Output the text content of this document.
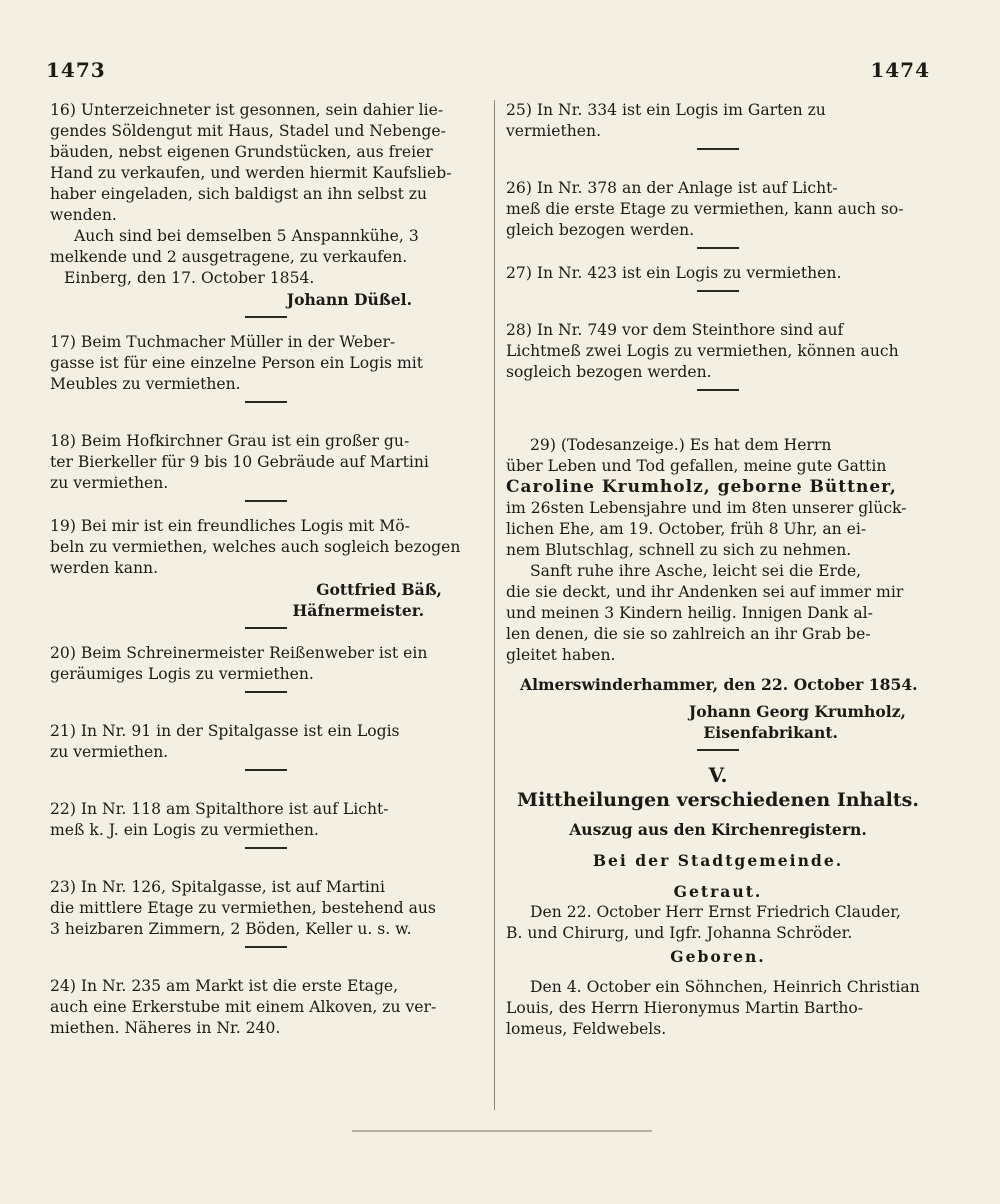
1473	1474
16) Unterzeichneter ist gesonnen, sein dahier lie-
gendes Söldengut mit Haus, Stadel und Nebenge-
bäuden, nebst eigenen Grundstücken, aus freier
Hand zu verkaufen, und werden hiermit Kaufslieb-
haber eingeladen, sich baldigst an ihn selbst zu
wenden.
Auch sind bei demselben 5 Anspannkühe, 3
melkende und 2 ausgetragene, zu verkaufen.
Einberg, den 17. October 1854.
Johann Düßel.
17) Beim Tuchmacher Müller in der Weber-
gasse ist für eine einzelne Person ein Logis mit
Meubles zu vermiethen.
18) Beim Hofkirchner Grau ist ein großer gu-
ter Bierkeller für 9 bis 10 Gebräude auf Martini
zu vermiethen.
19) Bei mir ist ein freundliches Logis mit Mö-
beln zu vermiethen, welches auch sogleich bezogen
werden kann.
Gottfried Bäß,
Häfnermeister.
20) Beim Schreinermeister Reißenweber ist ein
geräumiges Logis zu vermiethen.
21) In Nr. 91 in der Spitalgasse ist ein Logis
zu vermiethen.
22) In Nr. 118 am Spitalthore ist auf Licht-
meß k. J. ein Logis zu vermiethen.
23) In Nr. 126, Spitalgasse, ist auf Martini
die mittlere Etage zu vermiethen, bestehend aus
3 heizbaren Zimmern, 2 Böden, Keller u. s. w.
24) In Nr. 235 am Markt ist die erste Etage,
auch eine Erkerstube mit einem Alkoven, zu ver-
miethen. Näheres in Nr. 240.
25) In Nr. 334 ist ein Logis im Garten zu
vermiethen.
26) In Nr. 378 an der Anlage ist auf Licht-
meß die erste Etage zu vermiethen, kann auch so-
gleich bezogen werden.
27) In Nr. 423 ist ein Logis zu vermiethen.
28) In Nr. 749 vor dem Steinthore sind auf
Lichtmeß zwei Logis zu vermiethen, können auch
sogleich bezogen werden.
29) (Todesanzeige.) Es hat dem Herrn
über Leben und Tod gefallen, meine gute Gattin
Caroline Krumholz, geborne Büttner,
im 26sten Lebensjahre und im 8ten unserer glück-
lichen Ehe, am 19. October, früh 8 Uhr, an ei-
nem Blutschlag, schnell zu sich zu nehmen.
Sanft ruhe ihre Asche, leicht sei die Erde,
die sie deckt, und ihr Andenken sei auf immer mir
und meinen 3 Kindern heilig. Innigen Dank al-
len denen, die sie so zahlreich an ihr Grab be-
gleitet haben.
Almerswinderhammer, den 22. October 1854.
Johann Georg Krumholz,
Eisenfabrikant.
V.
Mittheilungen verschiedenen Inhalts.
Auszug aus den Kirchenregistern.
Bei der Stadtgemeinde.
Getraut.
Den 22. October Herr Ernst Friedrich Clauder,
B. und Chirurg, und Igfr. Johanna Schröder.
Geboren.
Den 4. October ein Söhnchen, Heinrich Christian
Louis, des Herrn Hieronymus Martin Bartho-
lomeus, Feldwebels.
